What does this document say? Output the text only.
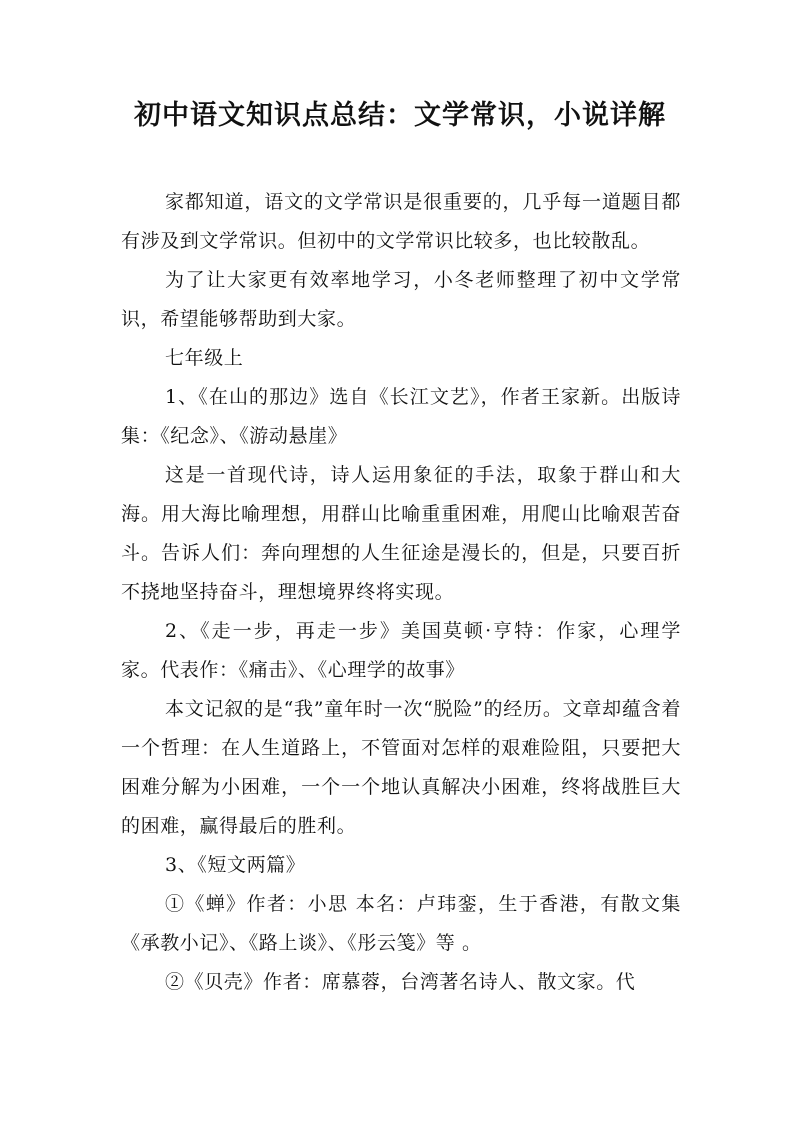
初中语文知识点总结：文学常识，小说详解

家都知道，语文的文学常识是很重要的，几乎每一道题目都有涉及到文学常识。但初中的文学常识比较多，也比较散乱。

为了让大家更有效率地学习，小冬老师整理了初中文学常识，希望能够帮助到大家。

七年级上

1、《在山的那边》选自《长江文艺》，作者王家新。出版诗集：《纪念》、《游动悬崖》

这是一首现代诗，诗人运用象征的手法，取象于群山和大海。用大海比喻理想，用群山比喻重重困难，用爬山比喻艰苦奋斗。告诉人们：奔向理想的人生征途是漫长的，但是，只要百折不挠地坚持奋斗，理想境界终将实现。

2、《走一步，再走一步》美国莫顿·亨特：作家，心理学家。代表作：《痛击》、《心理学的故事》

本文记叙的是“我”童年时一次“脱险”的经历。文章却蕴含着一个哲理：在人生道路上，不管面对怎样的艰难险阻，只要把大困难分解为小困难，一个一个地认真解决小困难，终将战胜巨大的困难，赢得最后的胜利。

3、《短文两篇》

①《蝉》作者：小思 本名：卢玮銮，生于香港，有散文集《承教小记》、《路上谈》、《彤云笺》等 。

②《贝壳》作者：席慕蓉，台湾著名诗人、散文家。代
